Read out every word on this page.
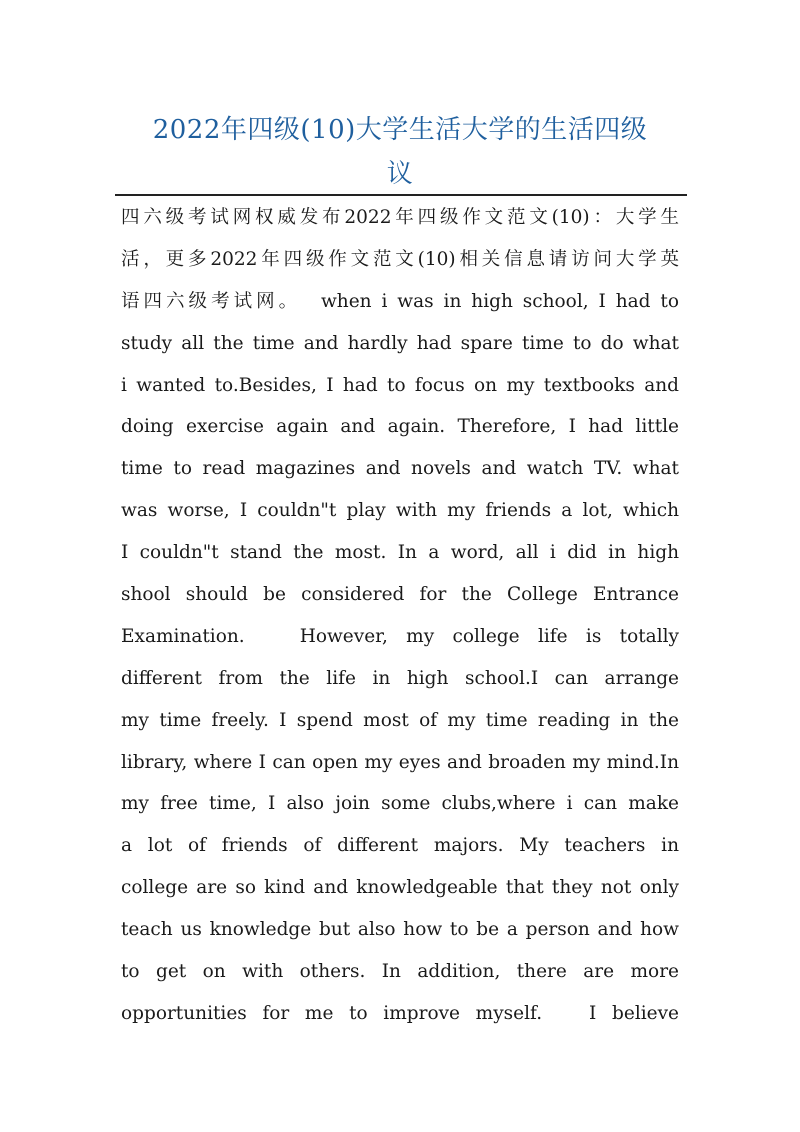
2022年四级(10)大学生活大学的生活四级
议
四六级考试网权威发布2022年四级作文范文(10)：大学生
活，更多2022年四级作文范文(10)相关信息请访问大学英
语四六级考试网。  when i was in high school, I had to
study all the time and hardly had spare time to do what
i wanted to.Besides, I had to focus on my textbooks and
doing exercise again and again. Therefore, I had little
time to read magazines and novels and watch TV. what
was worse, I couldn"t play with my friends a lot, which
I couldn"t stand the most. In a word, all i did in high
shool should be considered for the College Entrance
Examination.   However, my college life is totally
different from the life in high school.I can arrange
my time freely. I spend most of my time reading in the
library, where I can open my eyes and broaden my mind.In
my free time, I also join some clubs,where i can make
a lot of friends of different majors. My teachers in
college are so kind and knowledgeable that they not only
teach us knowledge but also how to be a person and how
to get on with others. In addition, there are more
opportunities for me to improve myself.   I believe
